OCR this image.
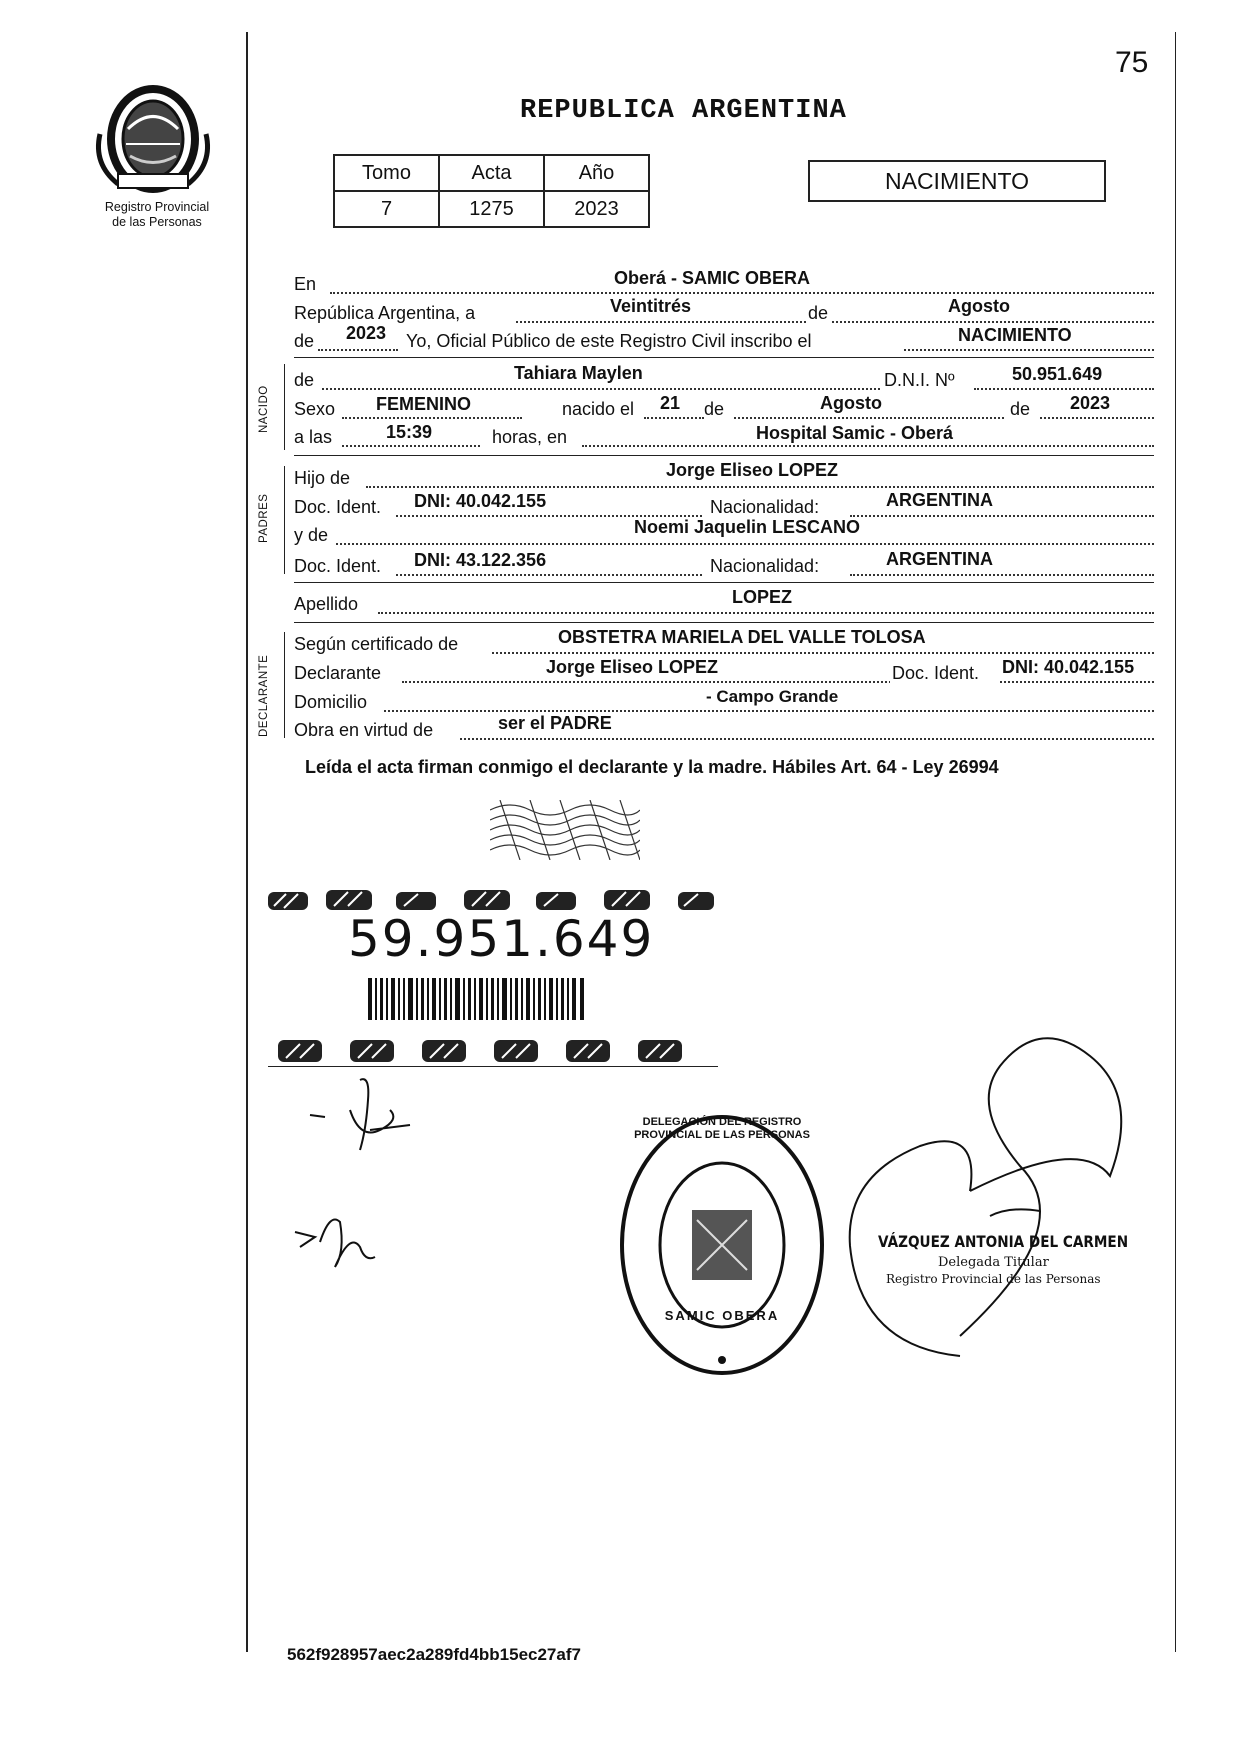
75
Registro Provincial
de las Personas
REPUBLICA ARGENTINA
Tomo	Acta	Año
7	1275	2023
NACIMIENTO
NACIDO
PADRES
DECLARANTE
En	Oberá - SAMIC OBERA
República Argentina, a	Veintitrés	de	Agosto
de 2023 Yo, Oficial Público de este Registro Civil inscribo el	NACIMIENTO
de	Tahiara Maylen	D.N.I. Nº	50.951.649
Sexo FEMENINO	nacido el 21 de	Agosto	de 2023
a las	15:39	horas, en	Hospital Samic - Oberá
Hijo de	Jorge Eliseo LOPEZ
Doc. Ident. DNI: 40.042.155	Nacionalidad:	ARGENTINA
y de	Noemi Jaquelin LESCANO
Doc. Ident. DNI: 43.122.356	Nacionalidad:	ARGENTINA
Apellido	LOPEZ
Según certificado de	OBSTETRA MARIELA DEL VALLE TOLOSA
Declarante	Jorge Eliseo LOPEZ	Doc. Ident. DNI: 40.042.155
Domicilio	- Campo Grande
Obra en virtud de	ser el PADRE
Leída el acta firman conmigo el declarante y la madre. Hábiles Art. 64 - Ley 26994
59.951.649
DELEGACIÓN DEL REGISTRO PROVINCIAL DE LAS PERSONAS
SAMIC OBERA
VÁZQUEZ ANTONIA DEL CARMEN
Delegada Titular
Registro Provincial de las Personas
562f928957aec2a289fd4bb15ec27af7
